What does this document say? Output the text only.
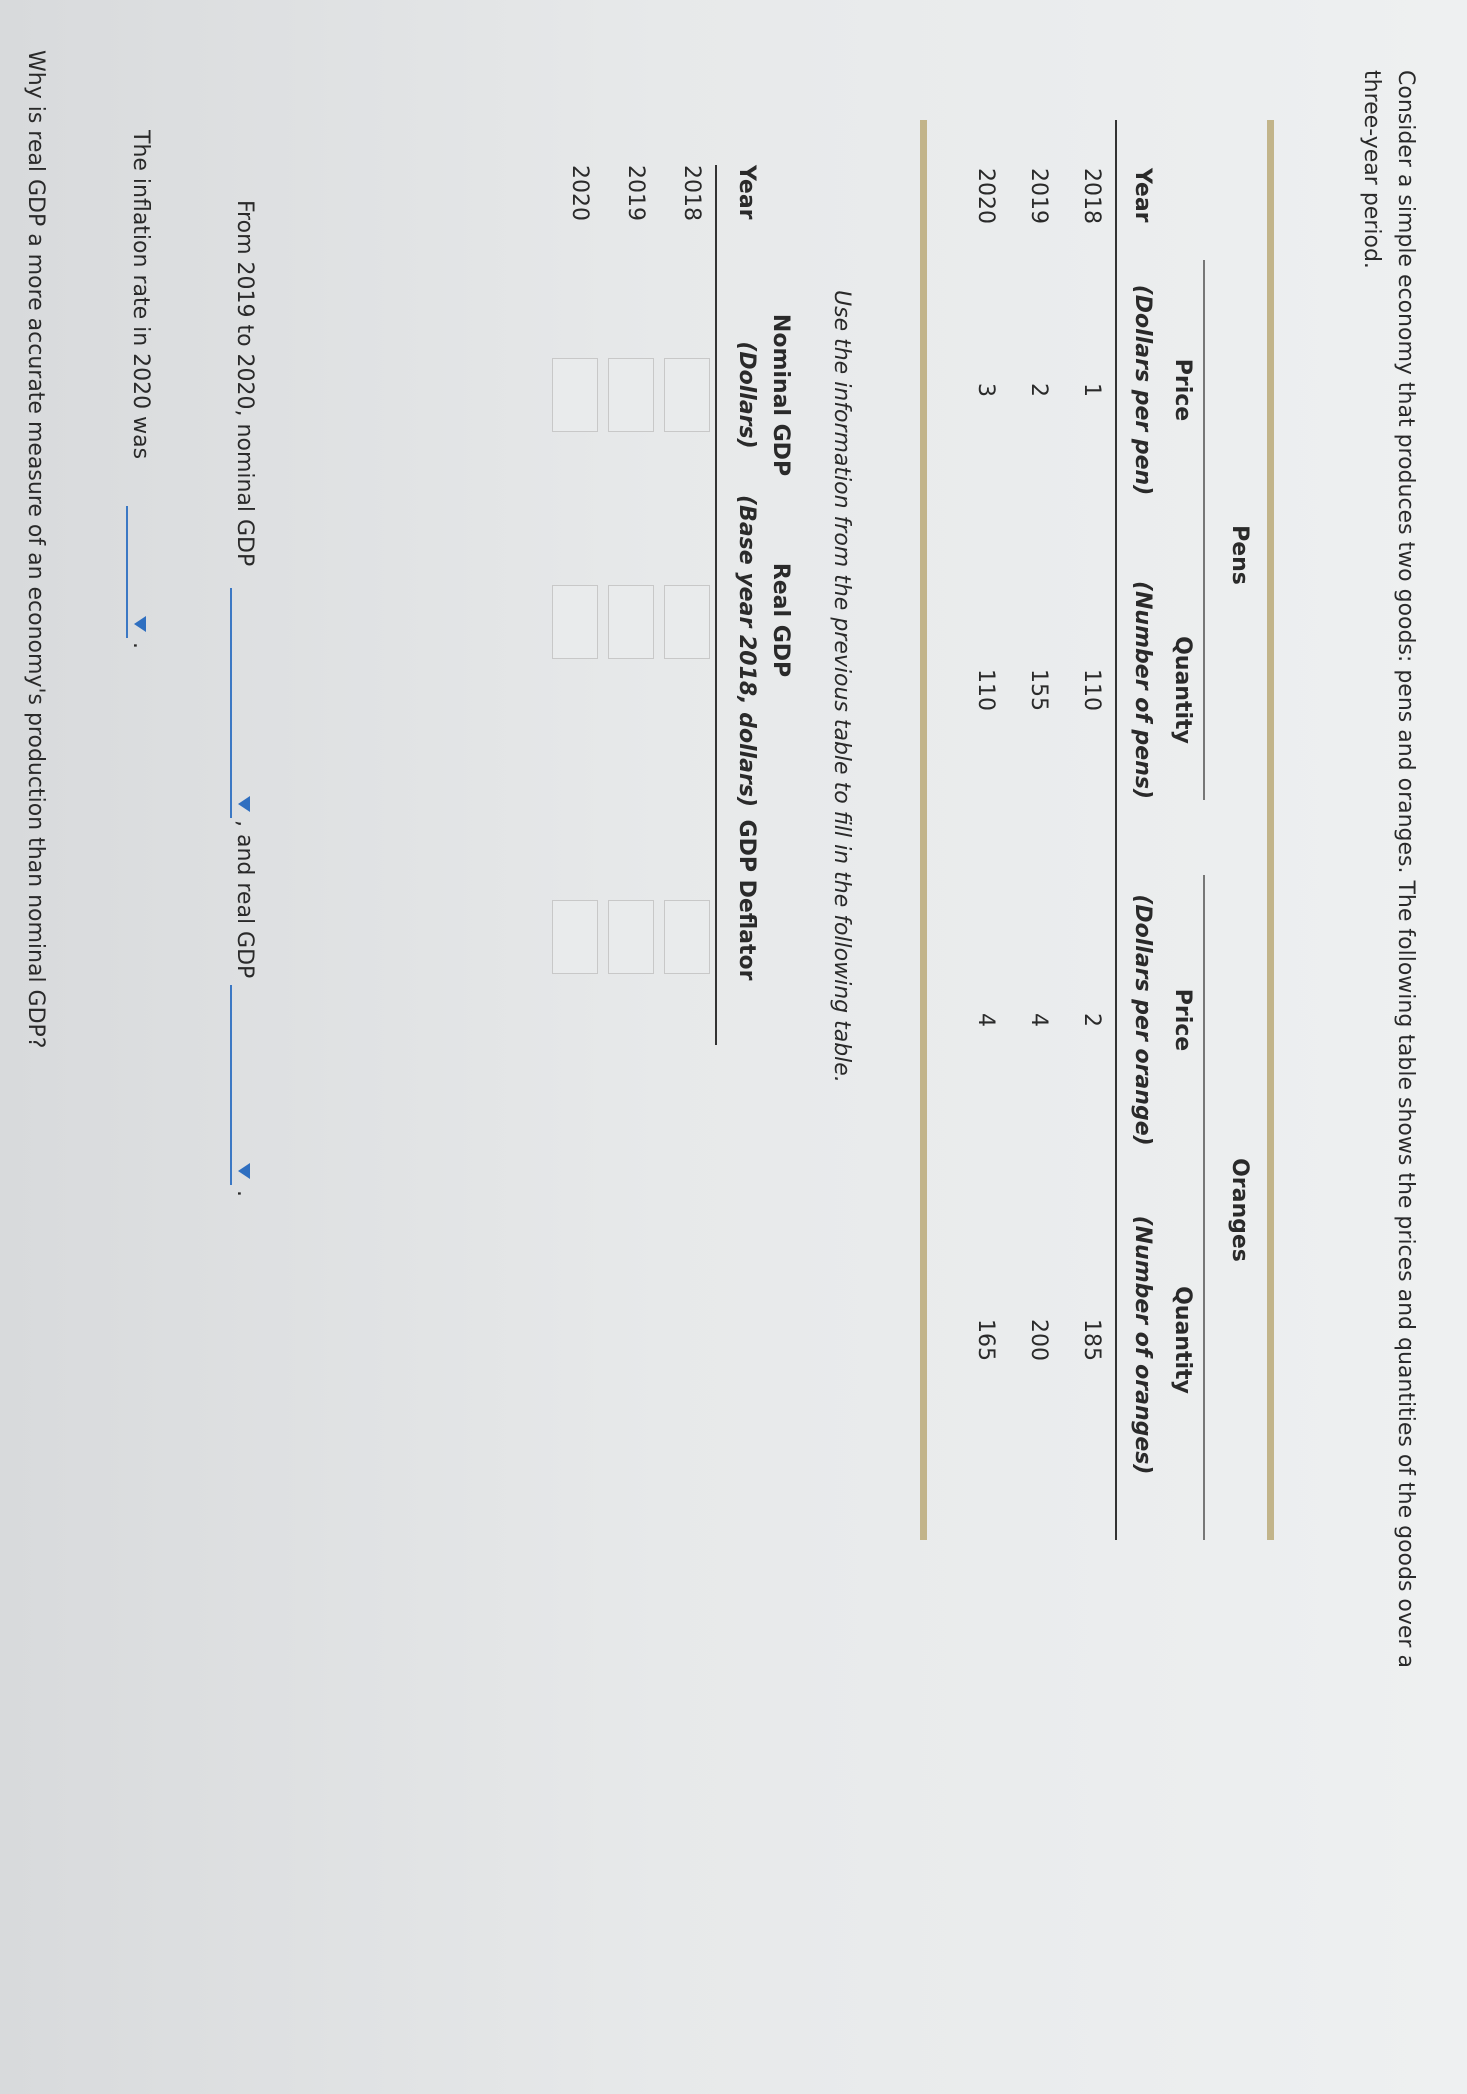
Consider a simple economy that produces two goods: pens and oranges. The following table shows the prices and quantities of the goods over a
three-year period.
Pens
Oranges
Price
Quantity
Price
Quantity
Year
(Dollars per pen)
(Number of pens)
(Dollars per orange)
(Number of oranges)
2018
1
110
2
185
2019
2
155
4
200
2020
3
110
4
165
Use the information from the previous table to fill in the following table.
Nominal GDP
Real GDP
Year
(Dollars)
(Base year 2018, dollars)
GDP Deflator
2018
2019
2020
From 2019 to 2020, nominal GDP
, and real GDP
.
The inflation rate in 2020 was
.
Why is real GDP a more accurate measure of an economy's production than nominal GDP?
